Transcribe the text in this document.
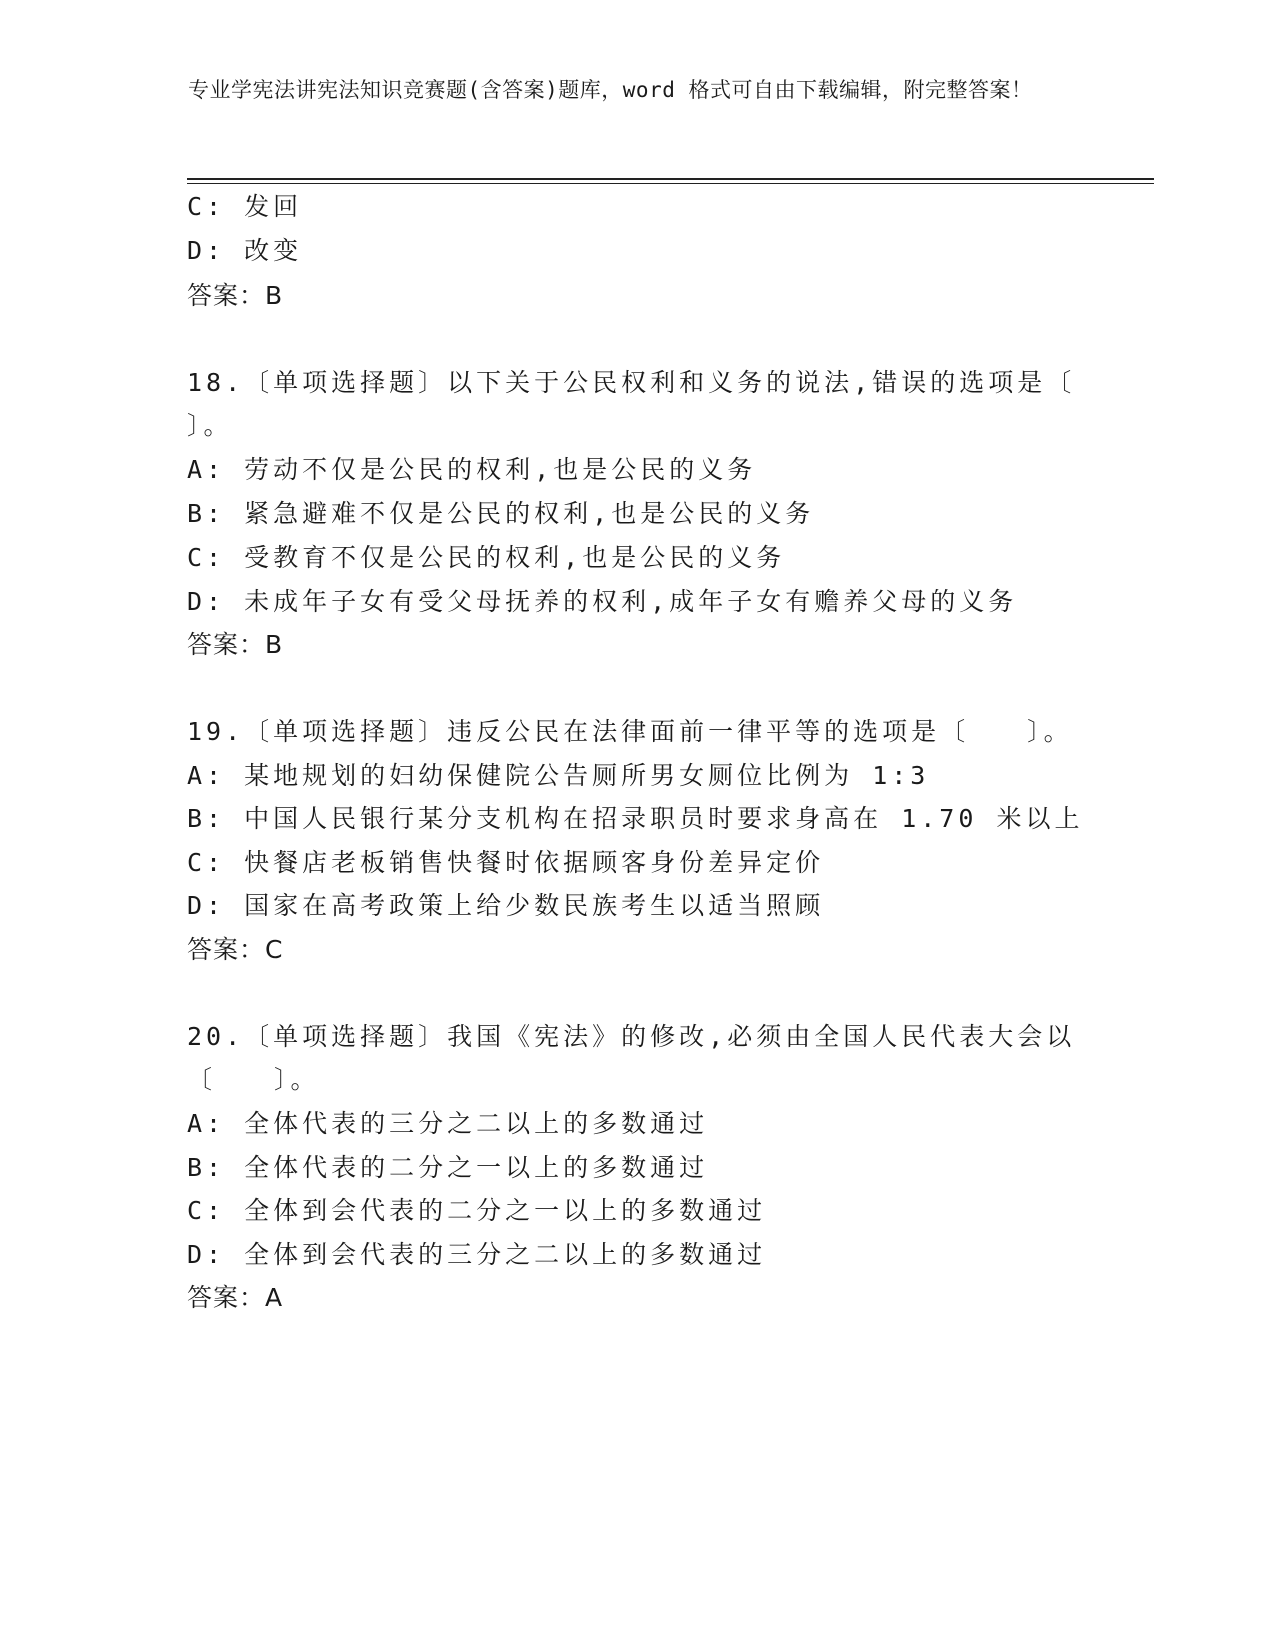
专业学宪法讲宪法知识竞赛题(含答案)题库，word 格式可自由下载编辑，附完整答案！
C: 发回
D: 改变
答案：B
18.〔单项选择题〕以下关于公民权利和义务的说法,错误的选项是〔
〕。
A: 劳动不仅是公民的权利,也是公民的义务
B: 紧急避难不仅是公民的权利,也是公民的义务
C: 受教育不仅是公民的权利,也是公民的义务
D: 未成年子女有受父母抚养的权利,成年子女有赡养父母的义务
答案：B
19.〔单项选择题〕违反公民在法律面前一律平等的选项是〔　　〕。
A: 某地规划的妇幼保健院公告厕所男女厕位比例为 1:3
B: 中国人民银行某分支机构在招录职员时要求身高在 1.70 米以上
C: 快餐店老板销售快餐时依据顾客身份差异定价
D: 国家在高考政策上给少数民族考生以适当照顾
答案：C
20.〔单项选择题〕我国《宪法》的修改,必须由全国人民代表大会以
〔　　〕。
A: 全体代表的三分之二以上的多数通过
B: 全体代表的二分之一以上的多数通过
C: 全体到会代表的二分之一以上的多数通过
D: 全体到会代表的三分之二以上的多数通过
答案：A
